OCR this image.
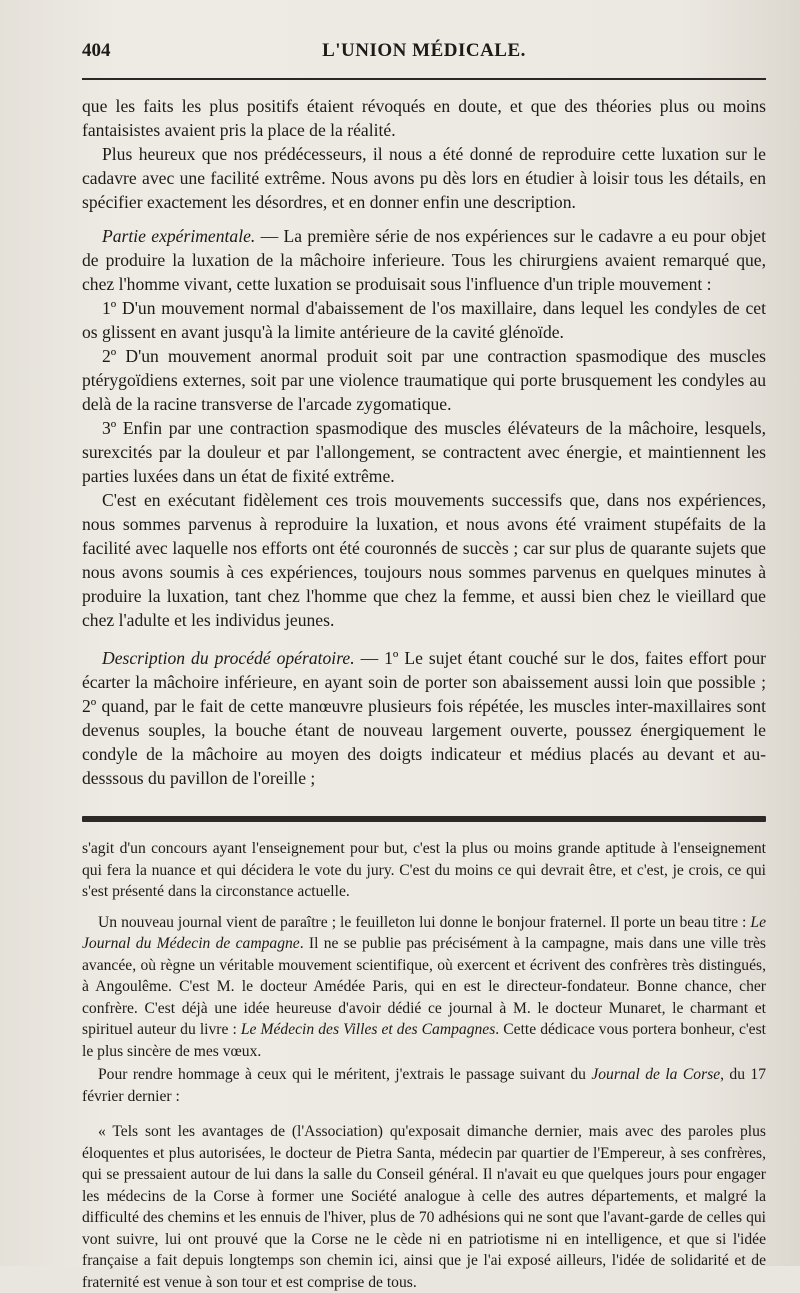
404	L'UNION MÉDICALE.

que les faits les plus positifs étaient révoqués en doute, et que des théories plus ou moins fantaisistes avaient pris la place de la réalité.

Plus heureux que nos prédécesseurs, il nous a été donné de reproduire cette luxation sur le cadavre avec une facilité extrême. Nous avons pu dès lors en étudier à loisir tous les détails, en spécifier exactement les désordres, et en donner enfin une description.

Partie expérimentale. — La première série de nos expériences sur le cadavre a eu pour objet de produire la luxation de la mâchoire inferieure. Tous les chirurgiens avaient remarqué que, chez l'homme vivant, cette luxation se produisait sous l'influence d'un triple mouvement :

1º D'un mouvement normal d'abaissement de l'os maxillaire, dans lequel les condyles de cet os glissent en avant jusqu'à la limite antérieure de la cavité glénoïde.

2º D'un mouvement anormal produit soit par une contraction spasmodique des muscles ptérygoïdiens externes, soit par une violence traumatique qui porte brusquement les condyles au delà de la racine transverse de l'arcade zygomatique.

3º Enfin par une contraction spasmodique des muscles élévateurs de la mâchoire, lesquels, surexcités par la douleur et par l'allongement, se contractent avec énergie, et maintiennent les parties luxées dans un état de fixité extrême.

C'est en exécutant fidèlement ces trois mouvements successifs que, dans nos expériences, nous sommes parvenus à reproduire la luxation, et nous avons été vraiment stupéfaits de la facilité avec laquelle nos efforts ont été couronnés de succès ; car sur plus de quarante sujets que nous avons soumis à ces expériences, toujours nous sommes parvenus en quelques minutes à produire la luxation, tant chez l'homme que chez la femme, et aussi bien chez le vieillard que chez l'adulte et les individus jeunes.

Description du procédé opératoire. — 1º Le sujet étant couché sur le dos, faites effort pour écarter la mâchoire inférieure, en ayant soin de porter son abaissement aussi loin que possible ; 2º quand, par le fait de cette manœuvre plusieurs fois répétée, les muscles inter-maxillaires sont devenus souples, la bouche étant de nouveau largement ouverte, poussez énergiquement le condyle de la mâchoire au moyen des doigts indicateur et médius placés au devant et au-desssous du pavillon de l'oreille ;

s'agit d'un concours ayant l'enseignement pour but, c'est la plus ou moins grande aptitude à l'enseignement qui fera la nuance et qui décidera le vote du jury. C'est du moins ce qui devrait être, et c'est, je crois, ce qui s'est présenté dans la circonstance actuelle.

Un nouveau journal vient de paraître ; le feuilleton lui donne le bonjour fraternel. Il porte un beau titre : Le Journal du Médecin de campagne. Il ne se publie pas précisément à la campagne, mais dans une ville très avancée, où règne un véritable mouvement scientifique, où exercent et écrivent des confrères très distingués, à Angoulême. C'est M. le docteur Amédée Paris, qui en est le directeur-fondateur. Bonne chance, cher confrère. C'est déjà une idée heureuse d'avoir dédié ce journal à M. le docteur Munaret, le charmant et spirituel auteur du livre : Le Médecin des Villes et des Campagnes. Cette dédicace vous portera bonheur, c'est le plus sincère de mes vœux.

Pour rendre hommage à ceux qui le méritent, j'extrais le passage suivant du Journal de la Corse, du 17 février dernier :

« Tels sont les avantages de (l'Association) qu'exposait dimanche dernier, mais avec des paroles plus éloquentes et plus autorisées, le docteur de Pietra Santa, médecin par quartier de l'Empereur, à ses confrères, qui se pressaient autour de lui dans la salle du Conseil général. Il n'avait eu que quelques jours pour engager les médecins de la Corse à former une Société analogue à celle des autres départements, et malgré la difficulté des chemins et les ennuis de l'hiver, plus de 70 adhésions qui ne sont que l'avant-garde de celles qui vont suivre, lui ont prouvé que la Corse ne le cède ni en patriotisme ni en intelligence, et que si l'idée française a fait depuis longtemps son chemin ici, ainsi que je l'ai exposé ailleurs, l'idée de solidarité et de fraternité est venue à son tour et est comprise de tous.
